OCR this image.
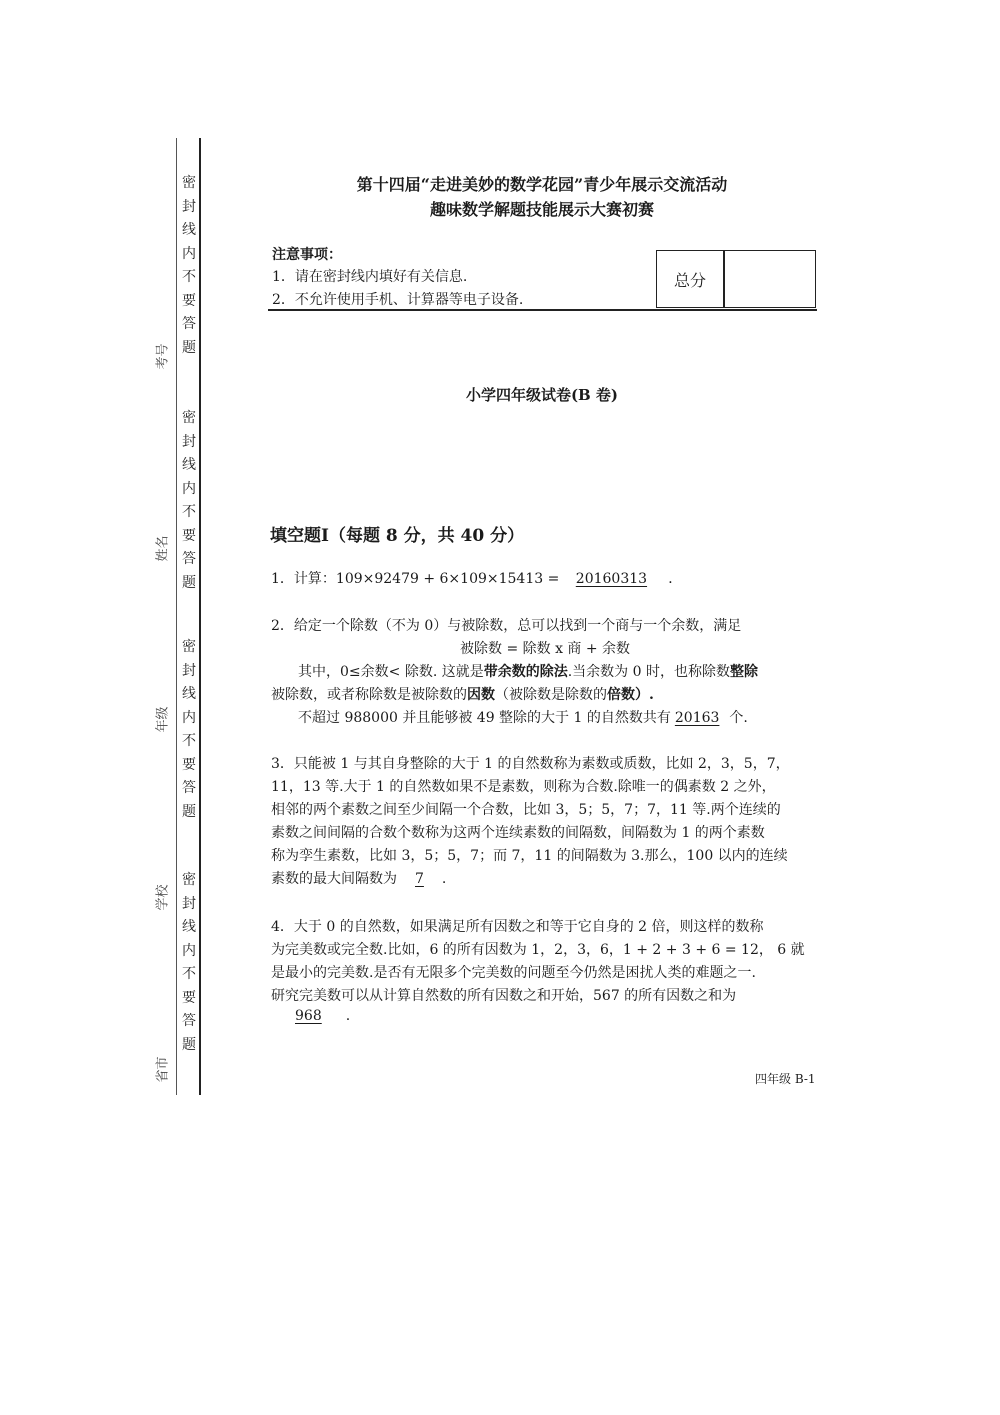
密封线内不要答题
密封线内不要答题
密封线内不要答题
密封线内不要答题
考号
姓名
年级
学校
省市
第十四届“走进美妙的数学花园”青少年展示交流活动
趣味数学解题技能展示大赛初赛
注意事项：
1．请在密封线内填好有关信息.
2．不允许使用手机、计算器等电子设备.
总分
小学四年级试卷(B 卷)
填空题Ⅰ（每题 8 分，共 40 分）
1．计算：109×92479 + 6×109×15413 = 20160313 ．
2．给定一个除数（不为 0）与被除数，总可以找到一个商与一个余数，满足
被除数 = 除数 x 商 + 余数
其中，0≤余数< 除数. 这就是带余数的除法.当余数为 0 时，也称除数整除
被除数，或者称除数是被除数的因数（被除数是除数的倍数）.
不超过 988000 并且能够被 49 整除的大于 1 的自然数共有 20163 个.
3．只能被 1 与其自身整除的大于 1 的自然数称为素数或质数，比如 2，3，5，7，
11，13 等.大于 1 的自然数如果不是素数，则称为合数.除唯一的偶素数 2 之外，
相邻的两个素数之间至少间隔一个合数，比如 3，5；5，7；7，11 等.两个连续的
素数之间间隔的合数个数称为这两个连续素数的间隔数，间隔数为 1 的两个素数
称为孪生素数，比如 3，5；5，7；而 7，11 的间隔数为 3.那么，100 以内的连续
素数的最大间隔数为 7 .
4．大于 0 的自然数，如果满足所有因数之和等于它自身的 2 倍，则这样的数称
为完美数或完全数.比如，6 的所有因数为 1，2，3，6，1 + 2 + 3 + 6 = 12， 6 就
是最小的完美数.是否有无限多个完美数的问题至今仍然是困扰人类的难题之一.
研究完美数可以从计算自然数的所有因数之和开始，567 的所有因数之和为
968 .
四年级 B-1
